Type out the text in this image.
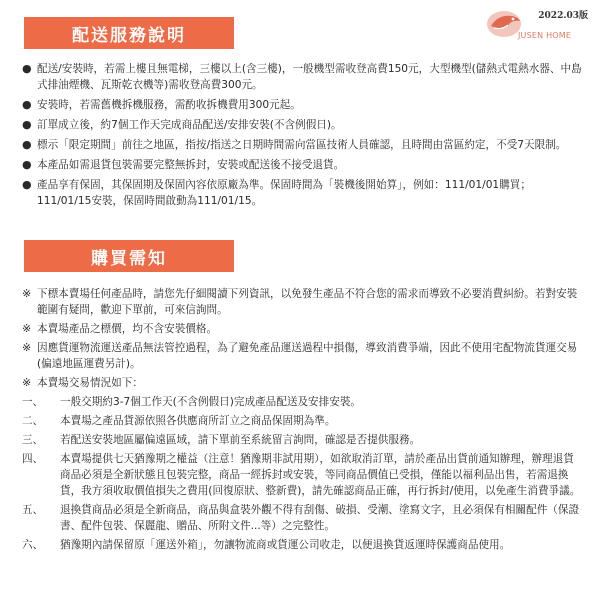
2022.03版
JUSEN HOME
配送服務說明
● 配送/安裝時，若需上樓且無電梯，三樓以上(含三樓)，一般機型需收登高費150元，大型機型(儲熱式電熱水器、中島式排油煙機、瓦斯乾衣機等)需收登高費300元。
● 安裝時，若需舊機拆機服務，需酌收拆機費用300元起。
● 訂單成立後，約7個工作天完成商品配送/安排安裝(不含例假日)。
● 標示「限定期間」前往之地區，指按/指送之日期時間需向當區技術人員確認，且時間由當區約定，不受7天限制。
● 本產品如需退貨包裝需要完整無拆封，安裝或配送後不接受退貨。
● 產品享有保固，其保固期及保固內容依原廠為準。保固時間為「裝機後開始算」，例如：111/01/01購買；111/01/15安裝，保固時間啟動為111/01/15。
購買需知
※ 下標本賣場任何產品時，請您先仔細閱讀下列資訊，以免發生產品不符合您的需求而導致不必要消費糾紛。若對安裝範圍有疑問，歡迎下單前，可來信詢問。
※ 本賣場產品之標價，均不含安裝價格。
※ 因應貨運物流運送產品無法管控過程，為了避免產品運送過程中損傷，導致消費爭端，因此不使用宅配物流貨運交易(偏遠地區運費另計)。
※ 本賣場交易情況如下：
一、 一般交期約3-7個工作天(不含例假日)完成產品配送及安排安裝。
二、 本賣場之產品貨源依照各供應商所訂立之商品保固期為準。
三、 若配送安裝地區屬偏遠區域，請下單前至系統留言詢問，確認是否提供服務。
四、 本賣場提供七天猶豫期之權益（注意！猶豫期非試用期），如欲取消訂單，請於產品出貨前通知辦理，辦理退貨商品必須是全新狀態且包裝完整，商品一經拆封或安裝，等同商品價值已受損，僅能以福利品出售，若需退換貨，我方須收取價值損失之費用(回復原狀、整新費)，請先確認商品正確，再行拆封/使用，以免產生消費爭議。
五、 退換貨商品必須是全新商品，商品與盒裝外觀不得有刮傷、破損、受潮、塗寫文字，且必須保有相關配件（保證書、配件包裝、保麗龍、贈品、所附文件...等）之完整性。
六、 猶豫期內請保留原「運送外箱」，勿讓物流商或貨運公司收走，以便退換貨返運時保護商品使用。
